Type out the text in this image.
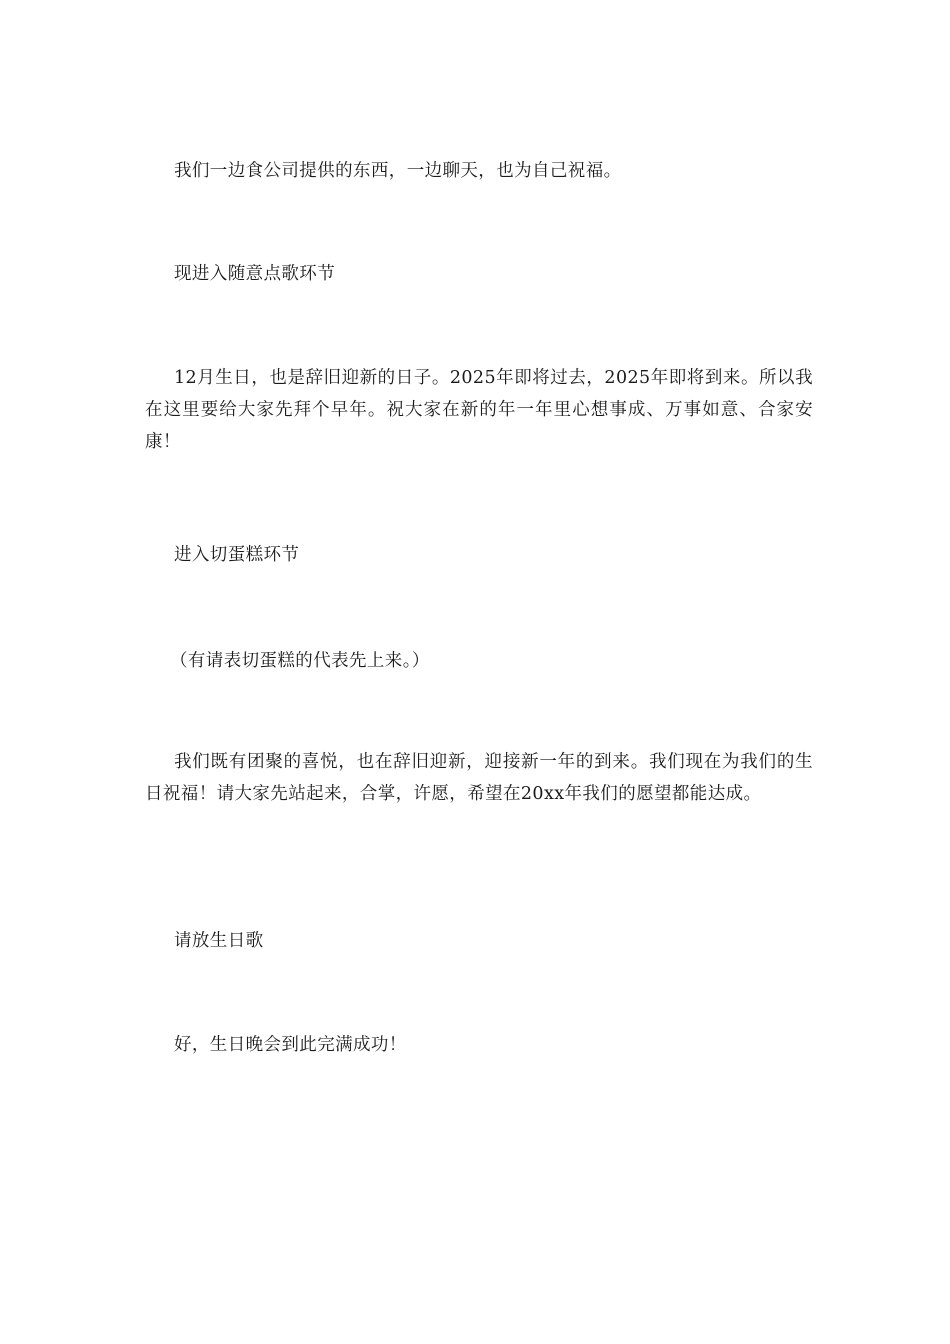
我们一边食公司提供的东西，一边聊天，也为自己祝福。

现进入随意点歌环节

12月生日，也是辞旧迎新的日子。2025年即将过去，2025年即将到来。所以我在这里要给大家先拜个早年。祝大家在新的年一年里心想事成、万事如意、合家安康！

进入切蛋糕环节

（有请表切蛋糕的代表先上来。）

我们既有团聚的喜悦，也在辞旧迎新，迎接新一年的到来。我们现在为我们的生日祝福！请大家先站起来，合掌，许愿，希望在20xx年我们的愿望都能达成。

请放生日歌

好，生日晚会到此完满成功！
